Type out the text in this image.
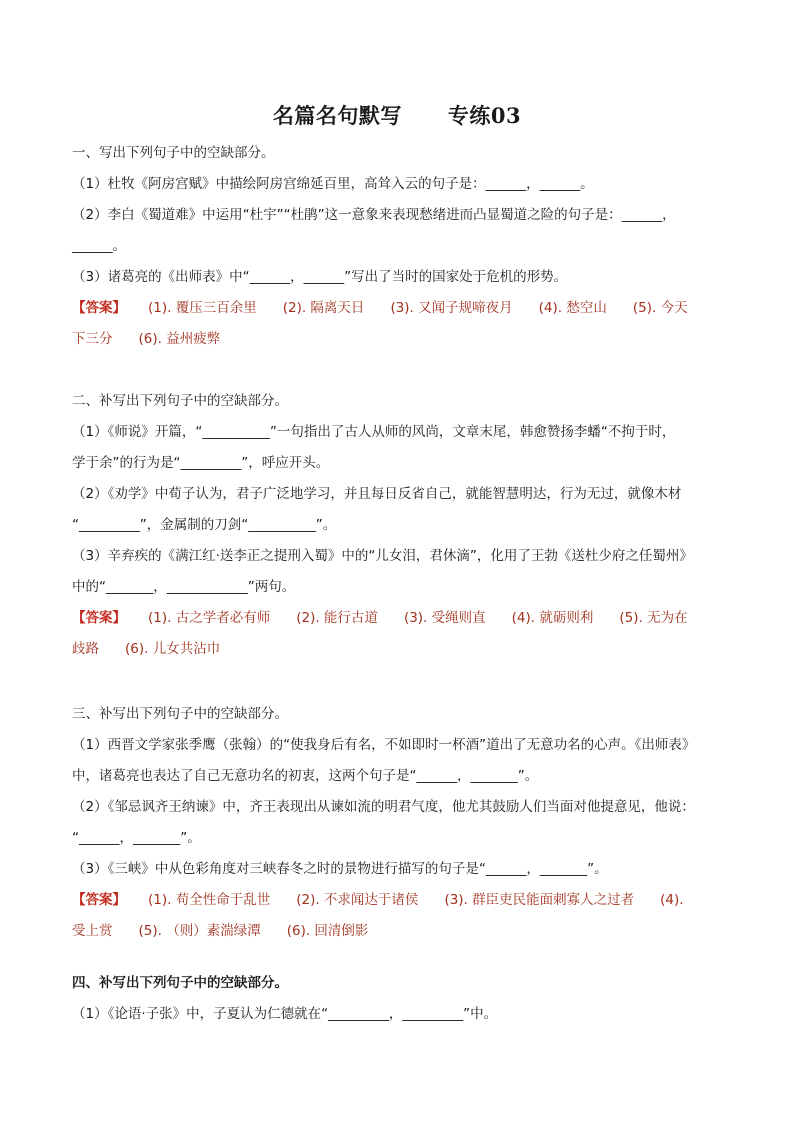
名篇名句默写 专练03
一、写出下列句子中的空缺部分。
（1）杜牧《阿房宫赋》中描绘阿房宫绵延百里，高耸入云的句子是：______，______。
（2）李白《蜀道难》中运用“杜宇”“杜鹃”这一意象来表现愁绪进而凸显蜀道之险的句子是：______，
______。
（3）诸葛亮的《出师表》中“______，______”写出了当时的国家处于危机的形势。
【答案】 (1). 覆压三百余里 (2). 隔离天日 (3). 又闻子规啼夜月 (4). 愁空山 (5). 今天
下三分 (6). 益州疲弊
二、补写出下列句子中的空缺部分。
（1）《师说》开篇，“__________”一句指出了古人从师的风尚，文章末尾，韩愈赞扬李蟠“不拘于时，
学于余”的行为是“_________”，呼应开头。
（2）《劝学》中荀子认为，君子广泛地学习，并且每日反省自己，就能智慧明达，行为无过，就像木材
“_________”，金属制的刀剑“__________”。
（3）辛弃疾的《满江红·送李正之提刑入蜀》中的“儿女泪，君休滴”，化用了王勃《送杜少府之任蜀州》
中的“_______，____________”两句。
【答案】 (1). 古之学者必有师 (2). 能行古道 (3). 受绳则直 (4). 就砺则利 (5). 无为在
歧路 (6). 儿女共沾巾
三、补写出下列句子中的空缺部分。
（1）西晋文学家张季鹰（张翰）的“使我身后有名，不如即时一杯酒”道出了无意功名的心声。《出师表》
中，诸葛亮也表达了自己无意功名的初衷，这两个句子是“______，_______”。
（2）《邹忌讽齐王纳谏》中，齐王表现出从谏如流的明君气度，他尤其鼓励人们当面对他提意见，他说：
“______，_______”。
（3）《三峡》中从色彩角度对三峡春冬之时的景物进行描写的句子是“______，_______”。
【答案】 (1). 苟全性命于乱世 (2). 不求闻达于诸侯 (3). 群臣吏民能面刺寡人之过者 (4).
受上赏 (5). （则）素湍绿潭 (6). 回清倒影
四、补写出下列句子中的空缺部分。
（1）《论语·子张》中，子夏认为仁德就在“_________，_________”中。
